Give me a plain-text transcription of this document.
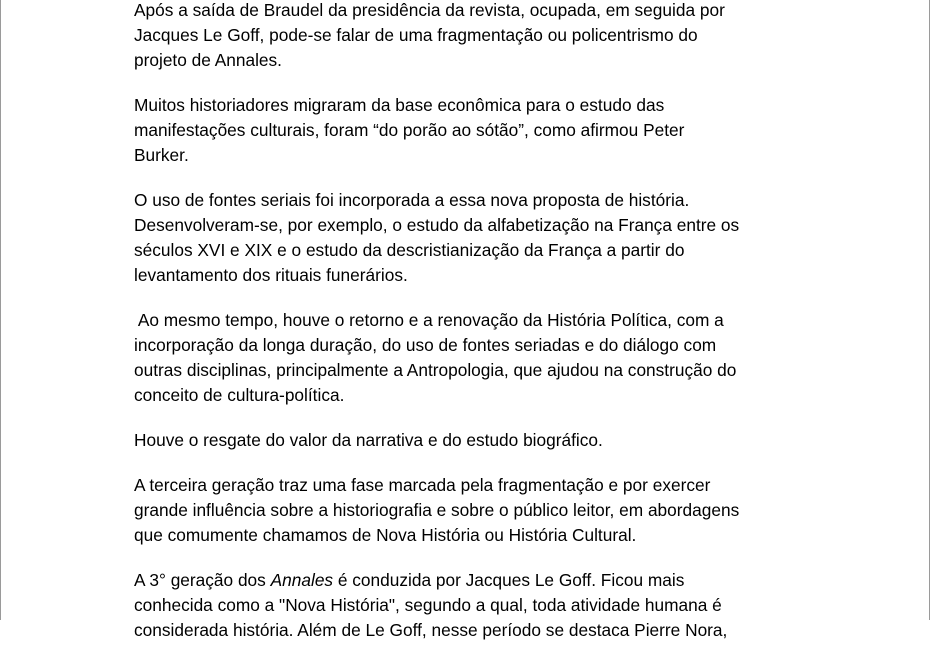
Após a saída de Braudel da presidência da revista, ocupada, em seguida por
Jacques Le Goff, pode-se falar de uma fragmentação ou policentrismo do
projeto de Annales.

Muitos historiadores migraram da base econômica para o estudo das
manifestações culturais, foram “do porão ao sótão”, como afirmou Peter
Burker.

O uso de fontes seriais foi incorporada a essa nova proposta de história.
Desenvolveram-se, por exemplo, o estudo da alfabetização na França entre os
séculos XVI e XIX e o estudo da descristianização da França a partir do
levantamento dos rituais funerários.

Ao mesmo tempo, houve o retorno e a renovação da História Política, com a
incorporação da longa duração, do uso de fontes seriadas e do diálogo com
outras disciplinas, principalmente a Antropologia, que ajudou na construção do
conceito de cultura-política.

Houve o resgate do valor da narrativa e do estudo biográfico.

A terceira geração traz uma fase marcada pela fragmentação e por exercer
grande influência sobre a historiografia e sobre o público leitor, em abordagens
que comumente chamamos de Nova História ou História Cultural.

A 3° geração dos Annales é conduzida por Jacques Le Goff. Ficou mais
conhecida como a "Nova História", segundo a qual, toda atividade humana é
considerada história. Além de Le Goff, nesse período se destaca Pierre Nora,
